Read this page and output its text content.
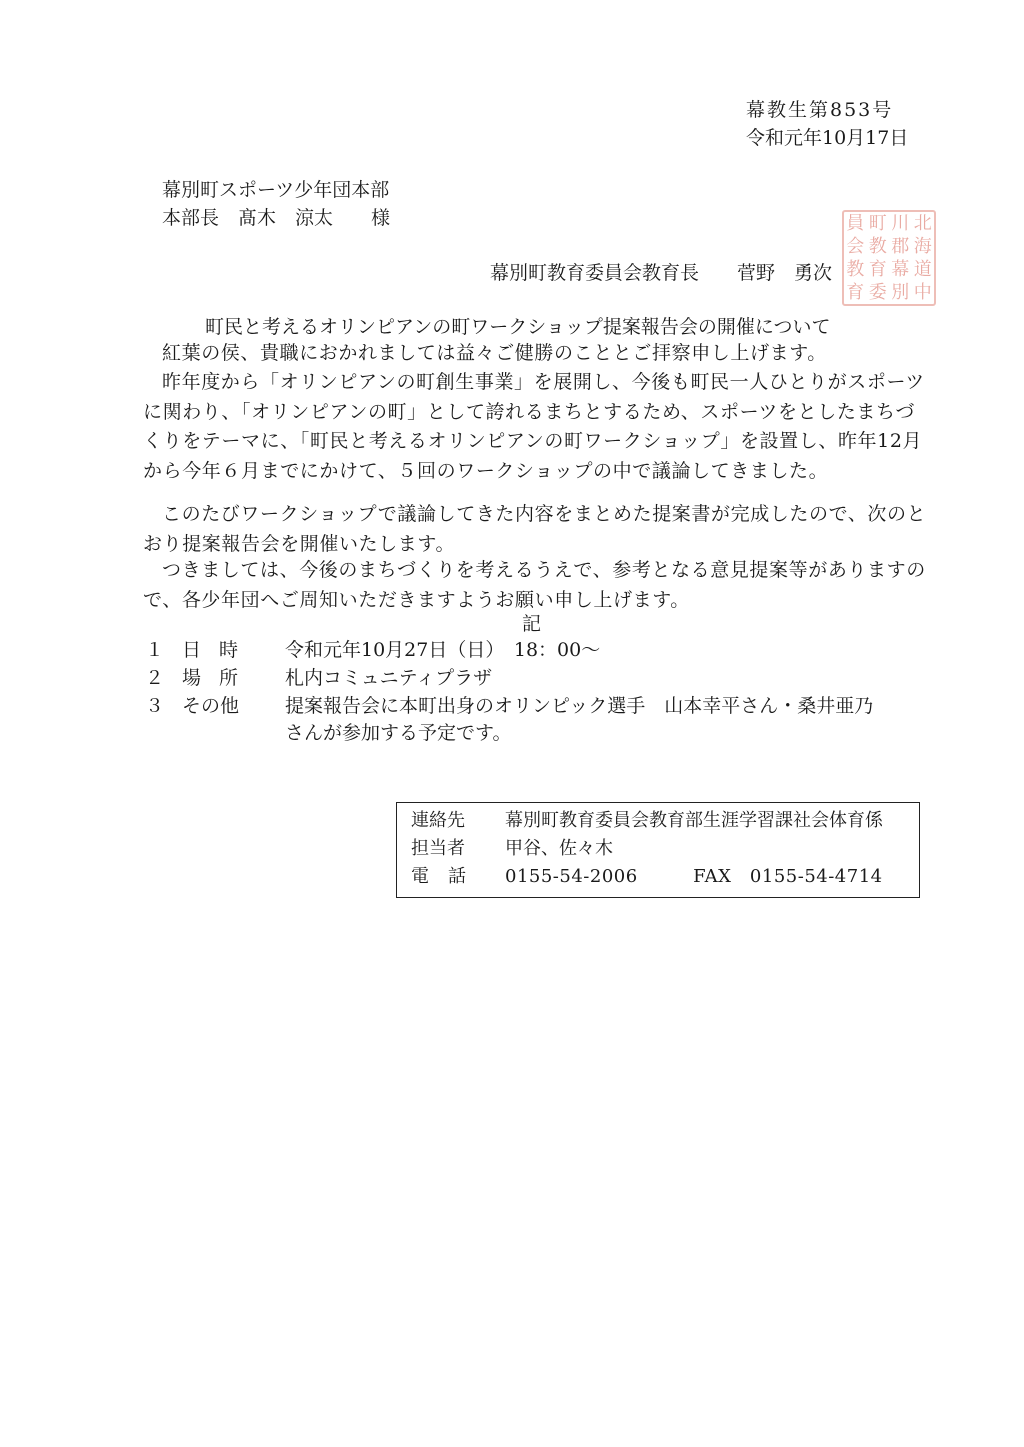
幕教生第853号
令和元年10月17日
幕別町スポーツ少年団本部
本部長　髙木　涼太　　様
幕別町教育委員会教育長　　菅野　勇次
員 町 川 北
会 教 郡 海
教 育 幕 道
育 委 別 中
町民と考えるオリンピアンの町ワークショップ提案報告会の開催について
紅葉の侯、貴職におかれましては益々ご健勝のこととご拝察申し上げます。
昨年度から「オリンピアンの町創生事業」を展開し、今後も町民一人ひとりがスポーツに関わり、「オリンピアンの町」として誇れるまちとするため、スポーツをとしたまちづくりをテーマに、「町民と考えるオリンピアンの町ワークショップ」を設置し、昨年12月から今年６月までにかけて、５回のワークショップの中で議論してきました。
このたびワークショップで議論してきた内容をまとめた提案書が完成したので、次のとおり提案報告会を開催いたします。
つきましては、今後のまちづくりを考えるうえで、参考となる意見提案等がありますので、各少年団へご周知いただきますようお願い申し上げます。
記
１ 日 時 令和元年10月27日（日）　18：00～
２ 場 所 札内コミュニティプラザ
３ その他 提案報告会に本町出身のオリンピック選手　山本幸平さん・桑井亜乃
さんが参加する予定です。
連絡先 幕別町教育委員会教育部生涯学習課社会体育係
担当者 甲谷、佐々木
電　話 0155-54-2006　　　FAX　0155-54-4714
